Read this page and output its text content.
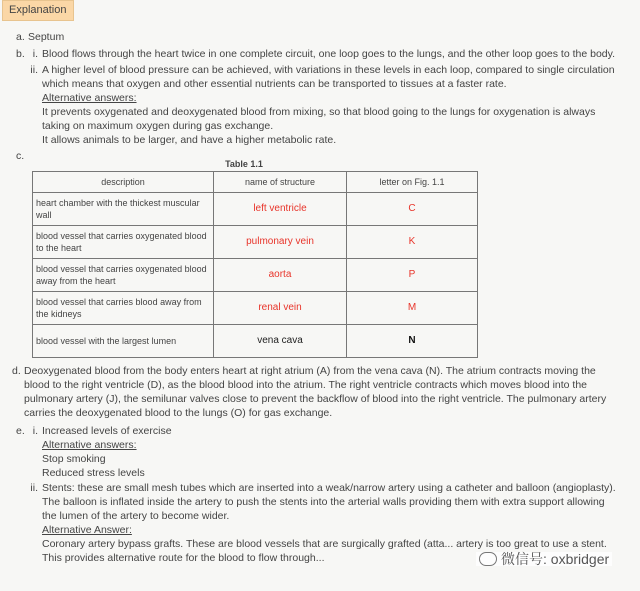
Explanation
a. Septum
b. i. Blood flows through the heart twice in one complete circuit, one loop goes to the lungs, and the other loop goes to the body.
ii. A higher level of blood pressure can be achieved, with variations in these levels in each loop, compared to single circulation which means that oxygen and other essential nutrients can be transported to tissues at a faster rate.
Alternative answers:
It prevents oxygenated and deoxygenated blood from mixing, so that blood going to the lungs for oxygenation is always taking on maximum oxygen during gas exchange.
It allows animals to be larger, and have a higher metabolic rate.
c.
Table 1.1
description	name of structure	letter on Fig. 1.1
heart chamber with the thickest muscular wall	left ventricle	C
blood vessel that carries oxygenated blood to the heart	pulmonary vein	K
blood vessel that carries oxygenated blood away from the heart	aorta	P
blood vessel that carries blood away from the kidneys	renal vein	M
blood vessel with the largest lumen	vena cava	N
d. Deoxygenated blood from the body enters heart at right atrium (A) from the vena cava (N). The atrium contracts moving the blood to the right ventricle (D), as the blood blood into the atrium. The right ventricle contracts which moves blood into the pulmonary artery (J), the semilunar valves close to prevent the backflow of blood into the right ventricle. The pulmonary artery carries the deoxygenated blood to the lungs (O) for gas exchange.
e. i. Increased levels of exercise
Alternative answers:
Stop smoking
Reduced stress levels
ii. Stents: these are small mesh tubes which are inserted into a weak/narrow artery using a catheter and balloon (angioplasty). The balloon is inflated inside the artery to push the stents into the arterial walls providing them with extra support allowing the lumen of the artery to become wider.
Alternative Answer:
Coronary artery bypass grafts. These are blood vessels that are surgically grafted (atta... artery is too great to use a stent. This provides alternative route for the blood to flow through...	微信号: oxbridger
